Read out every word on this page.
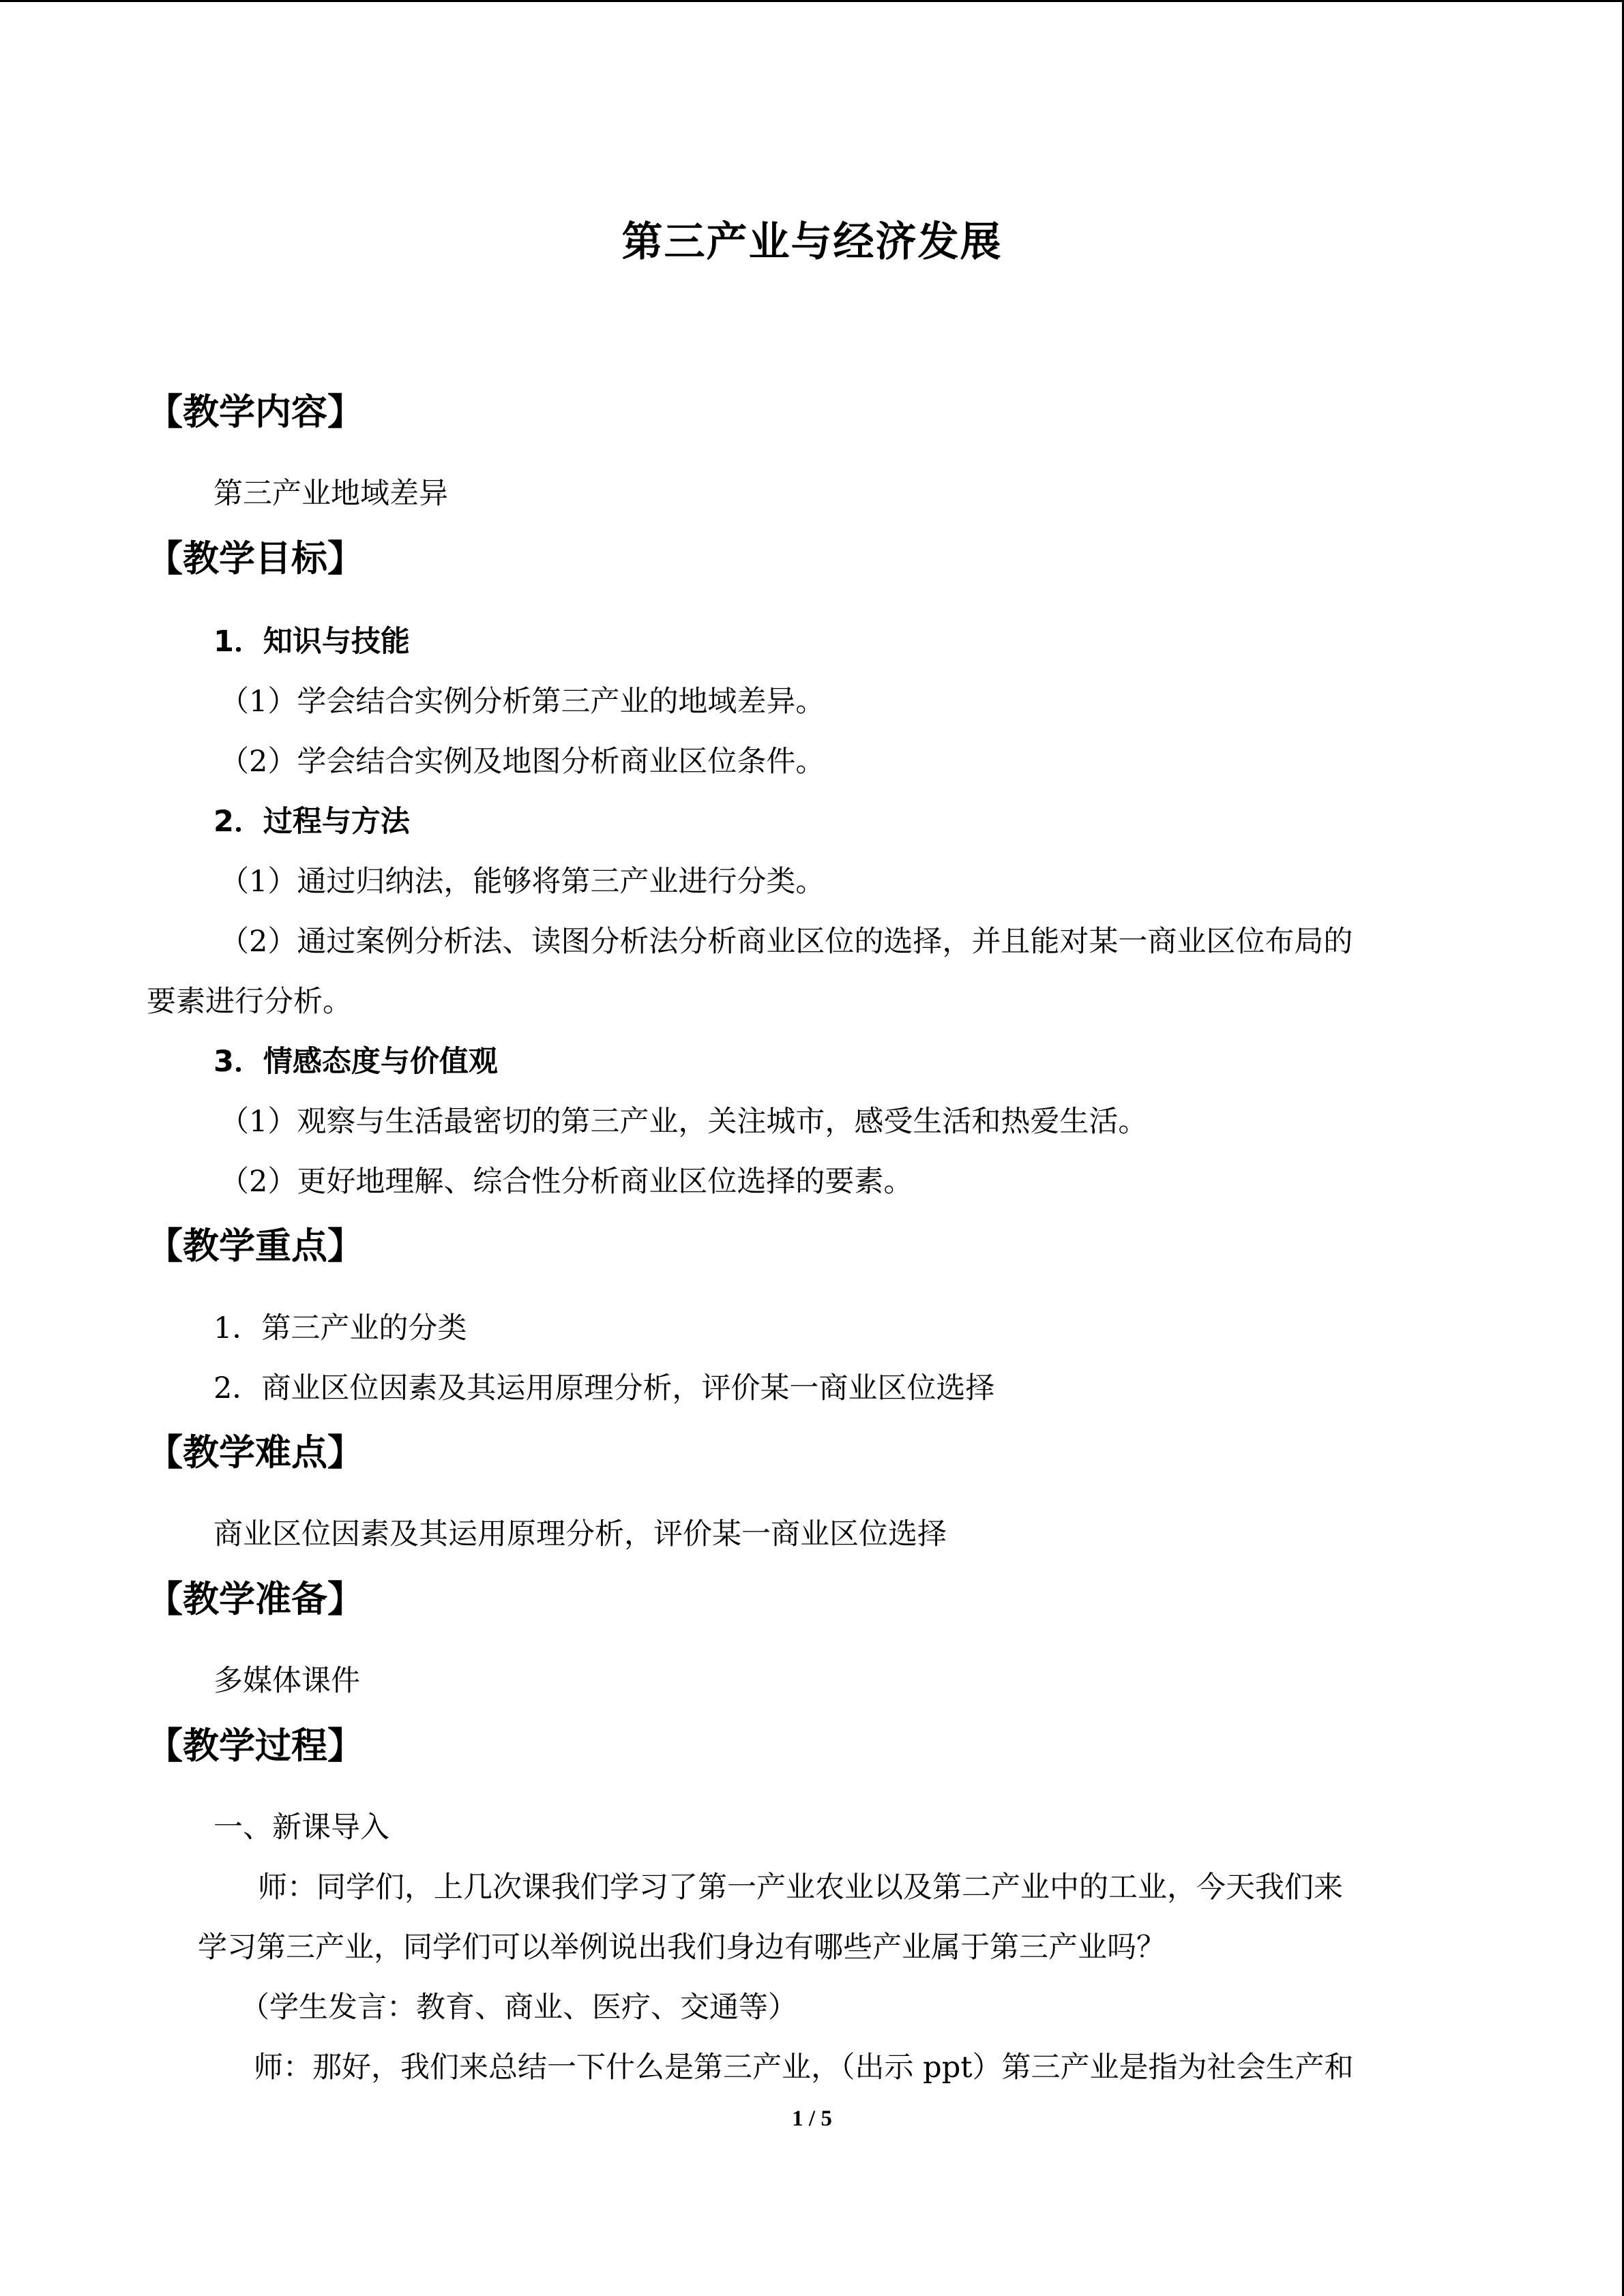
第三产业与经济发展
【教学内容】
第三产业地域差异
【教学目标】
1．知识与技能
（1）学会结合实例分析第三产业的地域差异。
（2）学会结合实例及地图分析商业区位条件。
2．过程与方法
（1）通过归纳法，能够将第三产业进行分类。
（2）通过案例分析法、读图分析法分析商业区位的选择，并且能对某一商业区位布局的
要素进行分析。
3．情感态度与价值观
（1）观察与生活最密切的第三产业，关注城市，感受生活和热爱生活。
（2）更好地理解、综合性分析商业区位选择的要素。
【教学重点】
1．第三产业的分类
2．商业区位因素及其运用原理分析，评价某一商业区位选择
【教学难点】
商业区位因素及其运用原理分析，评价某一商业区位选择
【教学准备】
多媒体课件
【教学过程】
一、新课导入
师：同学们，上几次课我们学习了第一产业农业以及第二产业中的工业，今天我们来
学习第三产业，同学们可以举例说出我们身边有哪些产业属于第三产业吗？
（学生发言：教育、商业、医疗、交通等）
师：那好，我们来总结一下什么是第三产业，（出示 ppt）第三产业是指为社会生产和
1 / 5
